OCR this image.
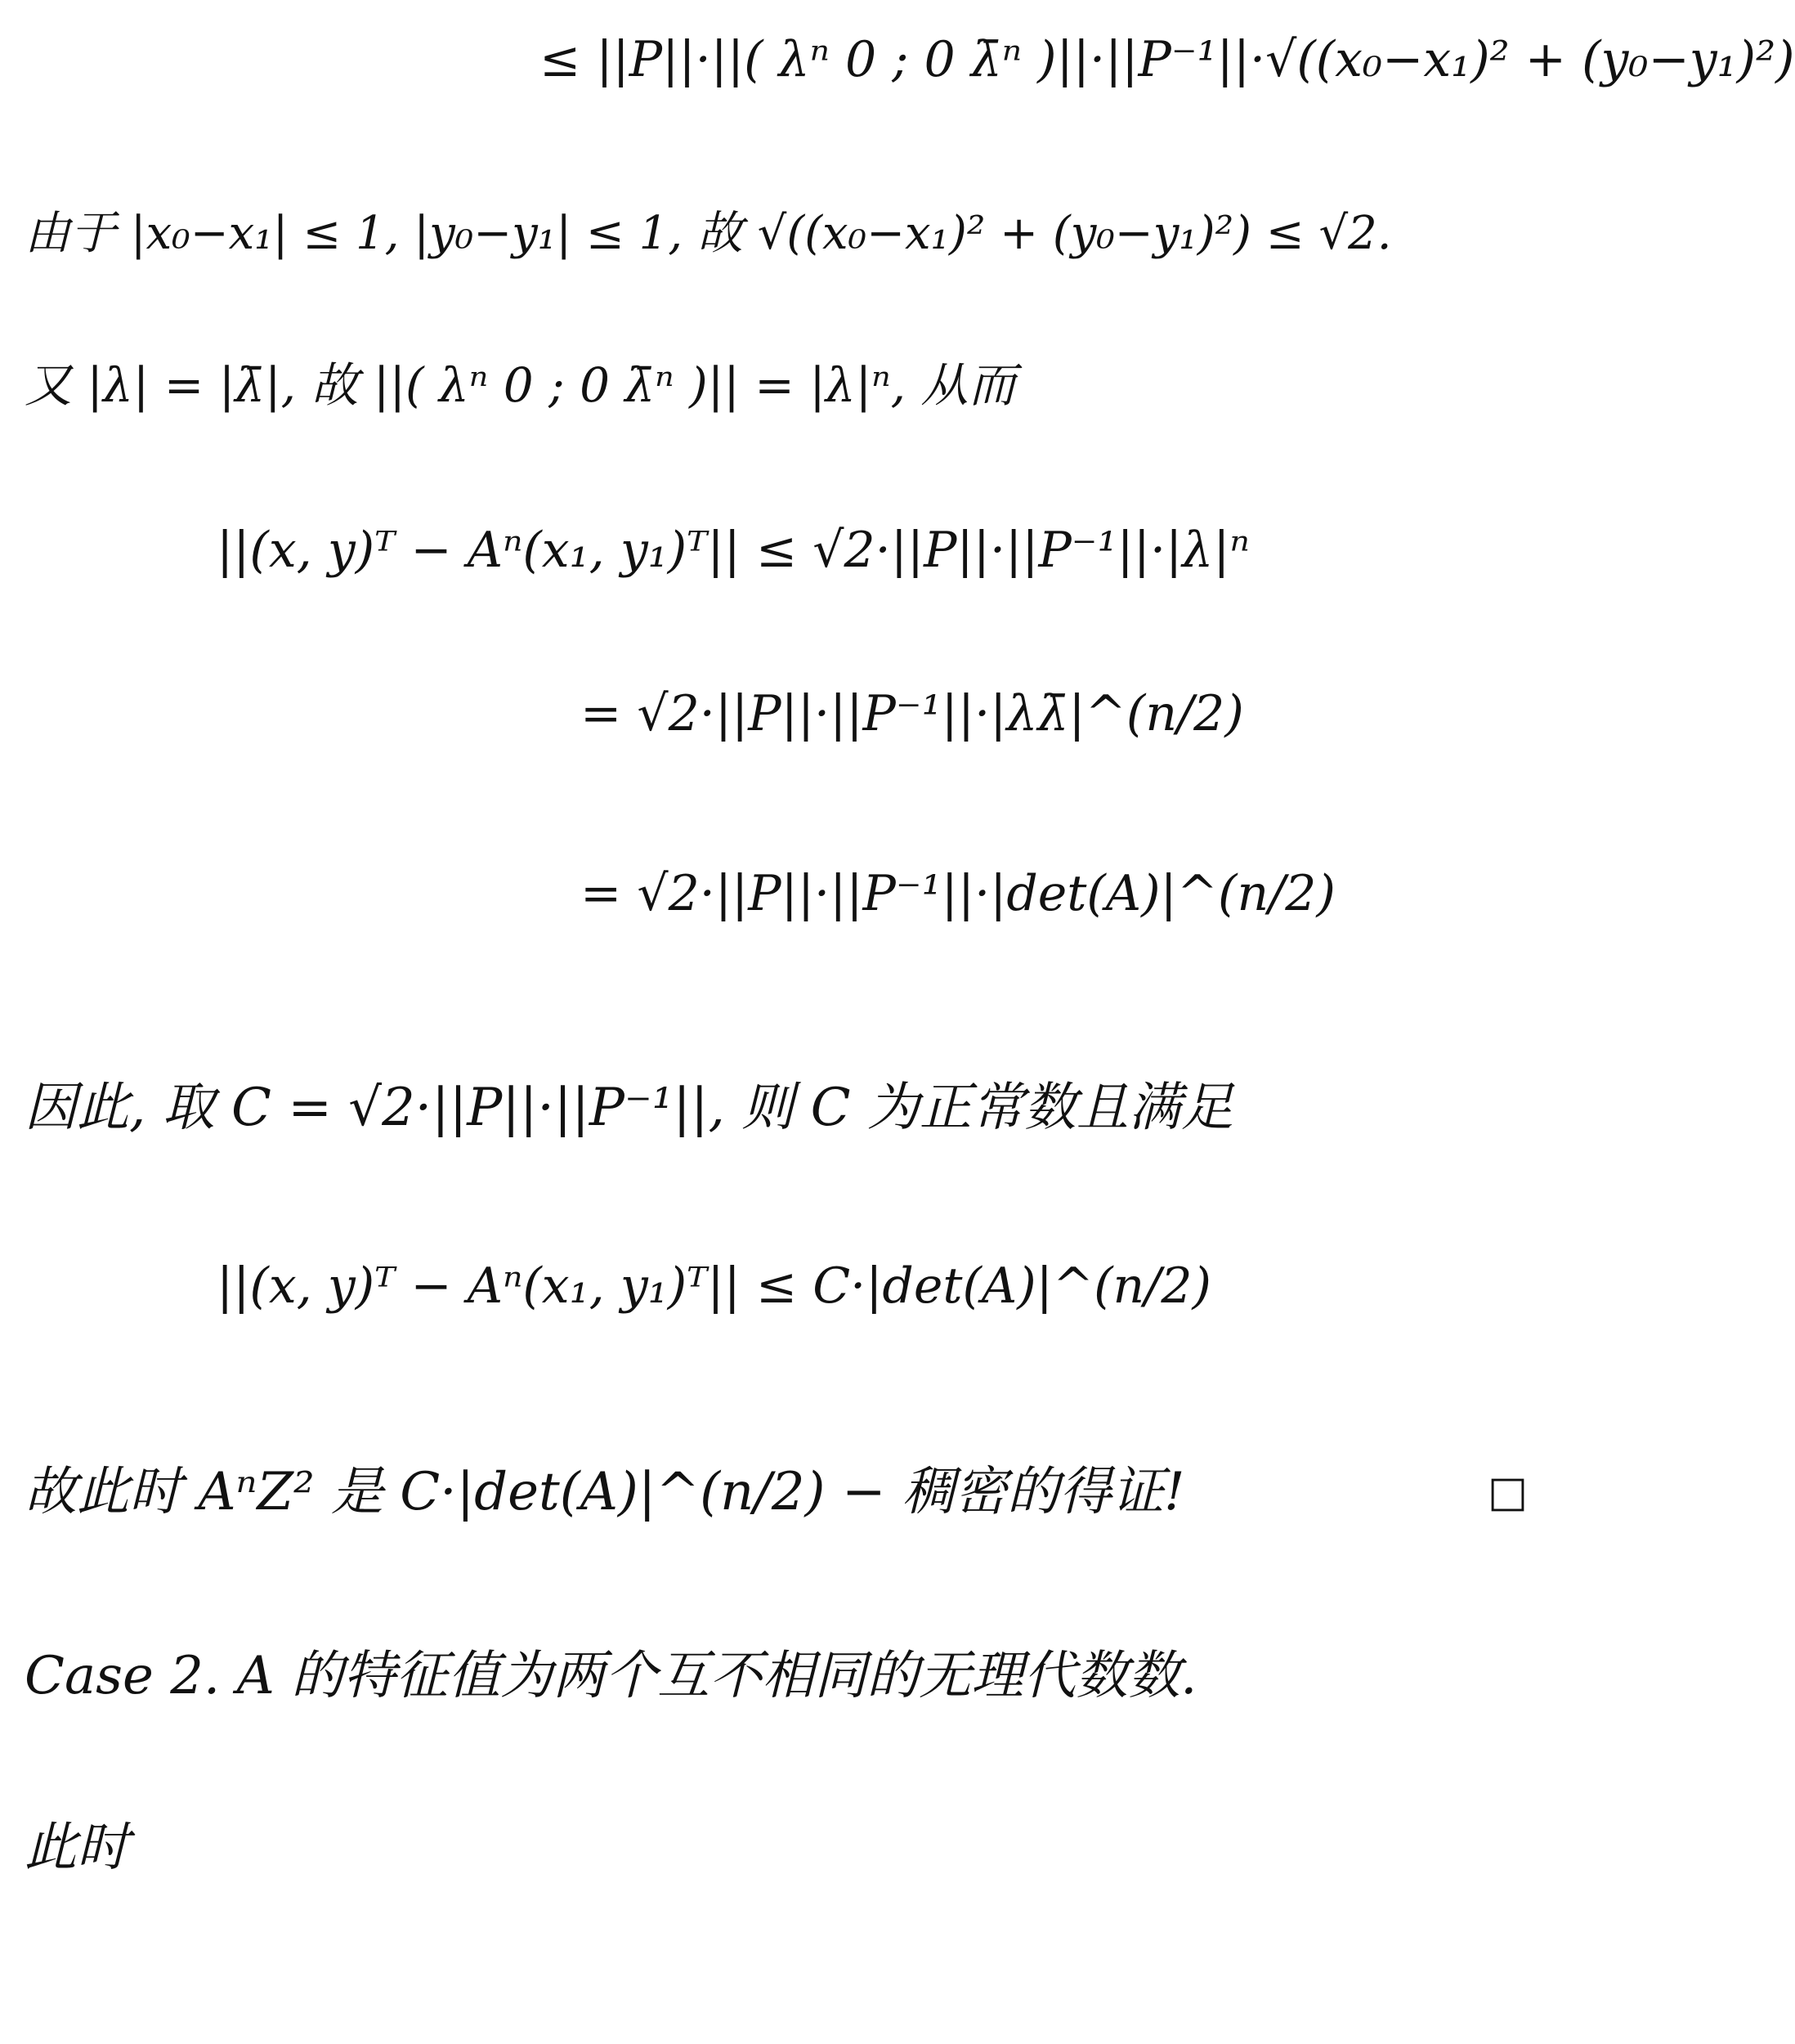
≤ ||P||·||( λⁿ 0 ; 0 λ̄ⁿ )||·||P⁻¹||·√((x₀−x₁)² + (y₀−y₁)²)
由于 |x₀−x₁| ≤ 1, |y₀−y₁| ≤ 1, 故 √((x₀−x₁)² + (y₀−y₁)²) ≤ √2.
又 |λ| = |λ̄|, 故 ||( λⁿ 0 ; 0 λ̄ⁿ )|| = |λ|ⁿ, 从而
||(x, y)ᵀ − Aⁿ(x₁, y₁)ᵀ|| ≤ √2·||P||·||P⁻¹||·|λ|ⁿ
= √2·||P||·||P⁻¹||·|λλ̄|^(n/2)
= √2·||P||·||P⁻¹||·|det(A)|^(n/2)
因此, 取 C = √2·||P||·||P⁻¹||, 则 C 为正常数且满足
||(x, y)ᵀ − Aⁿ(x₁, y₁)ᵀ|| ≤ C·|det(A)|^(n/2)
故此时 AⁿZ² 是 C·|det(A)|^(n/2) − 稠密的得证!	□
Case 2. A 的特征值为两个互不相同的无理代数数.
此时
